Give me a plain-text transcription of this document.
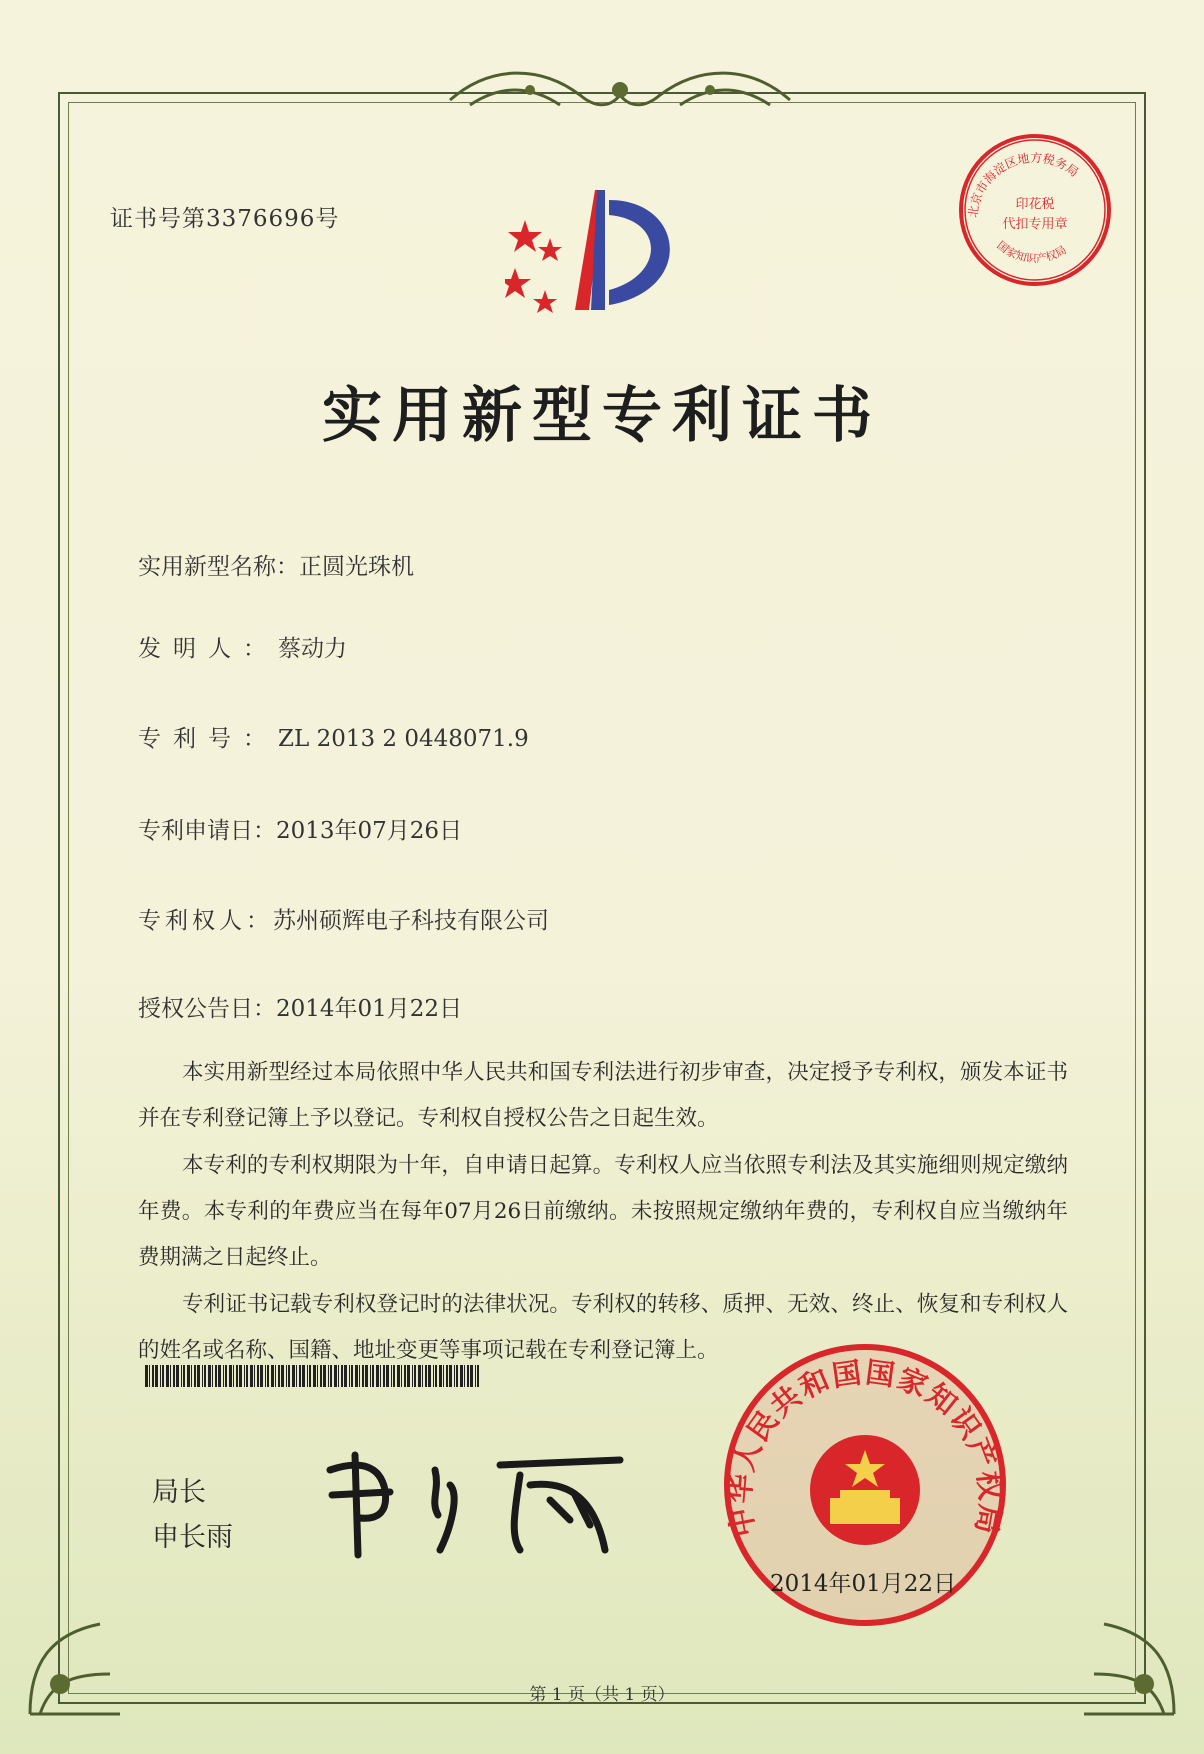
证书号第3376696号	北京市海淀区地方税务局
国家知识产权局
印花税
代扣专用章
实用新型专利证书
实用新型名称：正圆光珠机
发明人：蔡动力
专利号：ZL 2013 2 0448071.9
专利申请日：2013年07月26日
专利权人：苏州硕辉电子科技有限公司
授权公告日：2014年01月22日

本实用新型经过本局依照中华人民共和国专利法进行初步审查，决定授予专利权，颁发本证书并在专利登记簿上予以登记。专利权自授权公告之日起生效。

本专利的专利权期限为十年，自申请日起算。专利权人应当依照专利法及其实施细则规定缴纳年费。本专利的年费应当在每年07月26日前缴纳。未按照规定缴纳年费的，专利权自应当缴纳年费期满之日起终止。

专利证书记载专利权登记时的法律状况。专利权的转移、质押、无效、终止、恢复和专利权人的姓名或名称、国籍、地址变更等事项记载在专利登记簿上。

局长
申长雨	中华人民共和国国家知识产权局
2014年01月22日
第 1 页（共 1 页）
